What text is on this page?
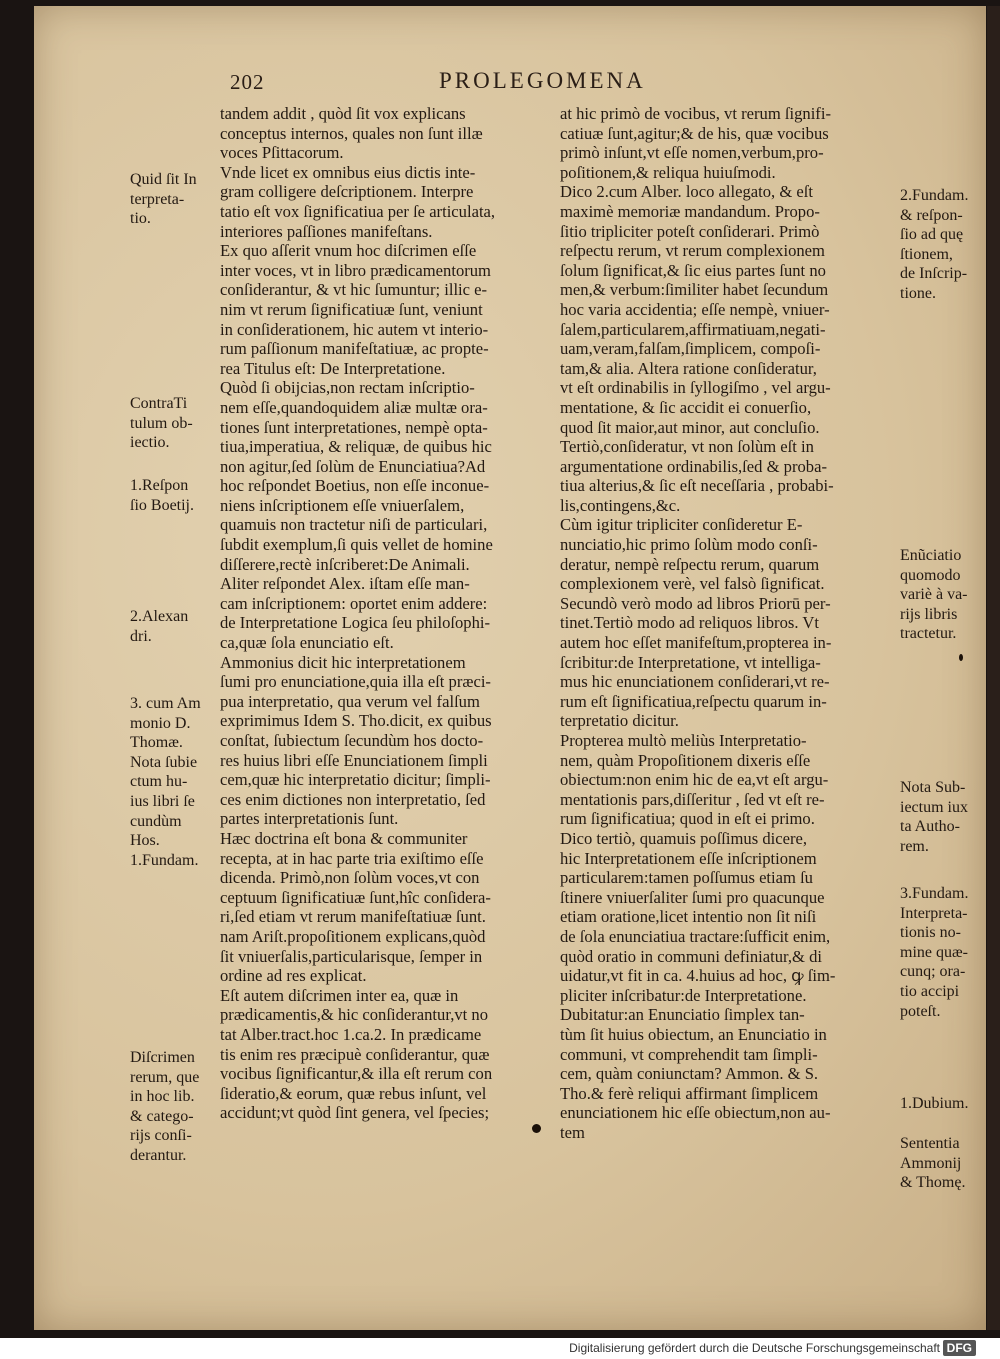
202	PROLEGOMENA
tandem addit , quòd ſit vox explicans
conceptus internos, quales non ſunt illæ
voces Pſittacorum.
Vnde licet ex omnibus eius dictis inte-
gram colligere deſcriptionem. Interpre
tatio eſt vox ſignificatiua per ſe articulata,
interiores paſſiones manifeſtans.
Ex quo aſſerit vnum hoc diſcrimen eſſe
inter voces, vt in libro prædicamentorum
conſiderantur, & vt hic ſumuntur; illic e-
nim vt rerum ſignificatiuæ ſunt, veniunt
in conſiderationem, hic autem vt interio-
rum paſſionum manifeſtatiuæ, ac propte-
rea Titulus eſt: De Interpretatione.
Quòd ſi obijcias,non rectam inſcriptio-
nem eſſe,quandoquidem aliæ multæ ora-
tiones ſunt interpretationes, nempè opta-
tiua,imperatiua, & reliquæ, de quibus hic
non agitur,ſed ſolùm de Enunciatiua?Ad
hoc reſpondet Boetius, non eſſe inconue-
niens inſcriptionem eſſe vniuerſalem,
quamuis non tractetur niſi de particulari,
ſubdit exemplum,ſi quis vellet de homine
diſſerere,rectè inſcriberet:De Animali.
Aliter reſpondet Alex. iſtam eſſe man-
cam inſcriptionem: oportet enim addere:
de Interpretatione Logica ſeu philoſophi-
ca,quæ ſola enunciatio eſt.
Ammonius dicit hic interpretationem
ſumi pro enunciatione,quia illa eſt præci-
pua interpretatio, qua verum vel falſum
exprimimus Idem S. Tho.dicit, ex quibus
conſtat, ſubiectum ſecundùm hos docto-
res huius libri eſſe Enunciationem ſimpli
cem,quæ hic interpretatio dicitur; ſimpli-
ces enim dictiones non interpretatio, ſed
partes interpretationis ſunt.
Hæc doctrina eſt bona & communiter
recepta, at in hac parte tria exiſtimo eſſe
dicenda. Primò,non ſolùm voces,vt con
ceptuum ſignificatiuæ ſunt,hîc conſidera-
ri,ſed etiam vt rerum manifeſtatiuæ ſunt.
nam Ariſt.propoſitionem explicans,quòd
ſit vniuerſalis,particularisque, ſemper in
ordine ad res explicat.
Eſt autem diſcrimen inter ea, quæ in
prædicamentis,& hic conſiderantur,vt no
tat Alber.tract.hoc 1.ca.2. In prædicame
tis enim res præcipuè conſiderantur, quæ
vocibus ſignificantur,& illa eſt rerum con
ſideratio,& eorum, quæ rebus inſunt, vel
accidunt;vt quòd ſint genera, vel ſpecies;
at hic primò de vocibus, vt rerum ſignifi-
catiuæ ſunt,agitur;& de his, quæ vocibus
primò inſunt,vt eſſe nomen,verbum,pro-
poſitionem,& reliqua huiuſmodi.
Dico 2.cum Alber. loco allegato, & eſt
maximè memoriæ mandandum. Propo-
ſitio tripliciter poteſt conſiderari. Primò
reſpectu rerum, vt rerum complexionem
ſolum ſignificat,& ſic eius partes ſunt no
men,& verbum:ſimiliter habet ſecundum
hoc varia accidentia; eſſe nempè, vniuer-
ſalem,particularem,affirmatiuam,negati-
uam,veram,falſam,ſimplicem, compoſi-
tam,& alia. Altera ratione conſideratur,
vt eſt ordinabilis in ſyllogiſmo , vel argu-
mentatione, & ſic accidit ei conuerſio,
quod ſit maior,aut minor, aut concluſio.
Tertiò,conſideratur, vt non ſolùm eſt in
argumentatione ordinabilis,ſed & proba-
tiua alterius,& ſic eſt neceſſaria , probabi-
lis,contingens,&c.
Cùm igitur tripliciter conſideretur E-
nunciatio,hic primo ſolùm modo conſi-
deratur, nempè reſpectu rerum, quarum
complexionem verè, vel falsò ſignificat.
Secundò verò modo ad libros Priorū per-
tinet.Tertiò modo ad reliquos libros. Vt
autem hoc eſſet manifeſtum,propterea in-
ſcribitur:de Interpretatione, vt intelliga-
mus hic enunciationem conſiderari,vt re-
rum eſt ſignificatiua,reſpectu quarum in-
terpretatio dicitur.
Propterea multò meliùs Interpretatio-
nem, quàm Propoſitionem dixeris eſſe
obiectum:non enim hic de ea,vt eſt argu-
mentationis pars,diſſeritur , ſed vt eſt re-
rum ſignificatiua; quod in eſt ei primo.
Dico tertiò, quamuis poſſimus dicere,
hic Interpretationem eſſe inſcriptionem
particularem:tamen poſſumus etiam ſu
ſtinere vniuerſaliter ſumi pro quacunque
etiam oratione,licet intentio non ſit niſi
de ſola enunciatiua tractare:ſufficit enim,
quòd oratio in communi definiatur,& di
uidatur,vt fit in ca. 4.huius ad hoc, ꝙ ſim-
pliciter inſcribatur:de Interpretatione.
Dubitatur:an Enunciatio ſimplex tan-
tùm ſit huius obiectum, an Enunciatio in
communi, vt comprehendit tam ſimpli-
cem, quàm coniunctam? Ammon. & S.
Tho.& ferè reliqui affirmant ſimplicem
enunciationem hic eſſe obiectum,non au-
tem
Quid ſit In
terpreta-
tio.
ContraTi
tulum ob-
iectio.
1.Reſpon
ſio Boetij.
2.Alexan
dri.
3. cum Am
monio D.
Thomæ.
Nota ſubie
ctum hu-
ius libri ſe
cundùm
Hos.
1.Fundam.
Diſcrimen
rerum, que
in hoc lib.
& catego-
rijs conſi-
derantur.
2.Fundam.
& reſpon-
ſio ad quę
ſtionem,
de Inſcrip-
tione.
Enũciatio
quomodo
variè à va-
rijs libris
tractetur.
Nota Sub-
iectum iux
ta Autho-
rem.
3.Fundam.
Interpreta-
tionis no-
mine quæ-
cunq; ora-
tio accipi
poteſt.
1.Dubium.
Sententia
Ammonij
& Thomę.
Digitalisierung gefördert durch die Deutsche Forschungsgemeinschaft DFG
